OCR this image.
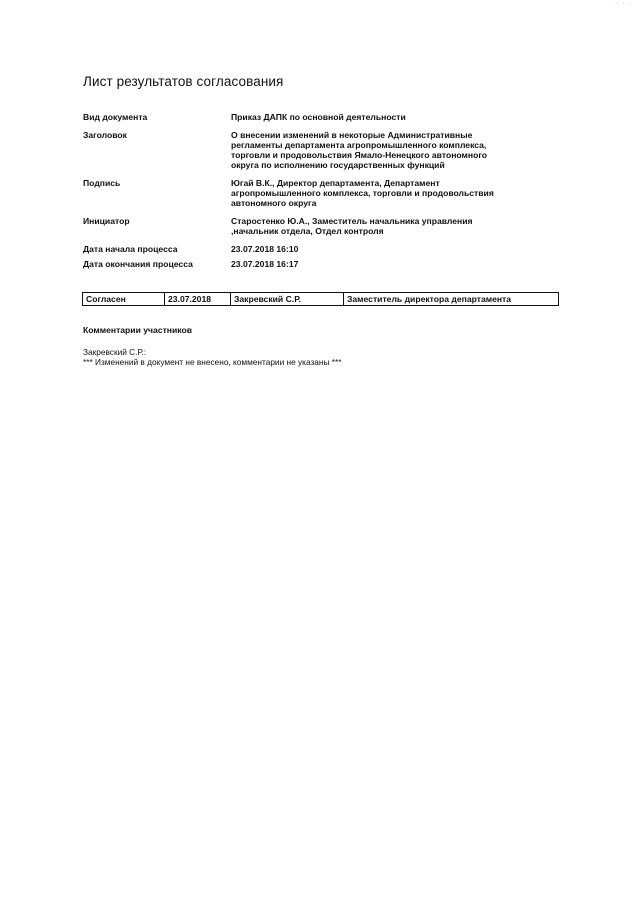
· · · ·
Лист результатов согласования
Вид документа	Приказ ДАПК по основной деятельности
Заголовок	О внесении изменений в некоторые Административные
регламенты департамента агропромышленного комплекса,
торговли и продовольствия Ямало-Ненецкого автономного
округа по исполнению государственных функций
Подпись	Югай В.К., Директор департамента, Департамент
агропромышленного комплекса, торговли и продовольствия
автономного округа
Инициатор	Старостенко Ю.А., Заместитель начальника управления
,начальник отдела, Отдел контроля
Дата начала процесса	23.07.2018 16:10
Дата окончания процесса	23.07.2018 16:17
Согласен	23.07.2018	Закревский С.Р.	Заместитель директора департамента
Комментарии участников
Закревский С.Р.:
*** Изменений в документ не внесено, комментарии не указаны ***
